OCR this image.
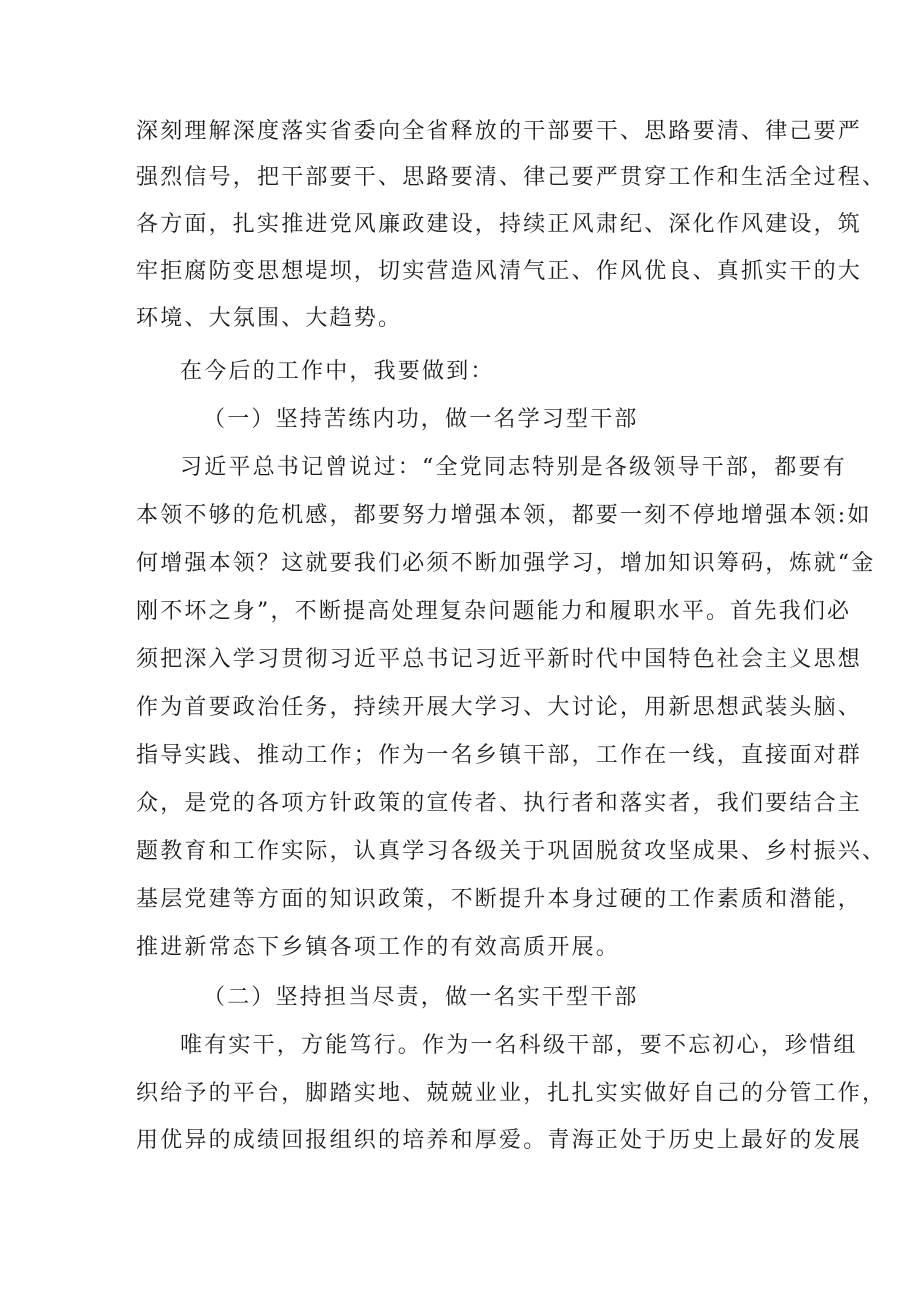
深刻理解深度落实省委向全省释放的干部要干、思路要清、律己要严
强烈信号，把干部要干、思路要清、律己要严贯穿工作和生活全过程、
各方面，扎实推进党风廉政建设，持续正风肃纪、深化作风建设，筑
牢拒腐防变思想堤坝，切实营造风清气正、作风优良、真抓实干的大
环境、大氛围、大趋势。
在今后的工作中，我要做到：
（一）坚持苦练内功，做一名学习型干部
习近平总书记曾说过：“全党同志特别是各级领导干部，都要有
本领不够的危机感，都要努力增强本领，都要一刻不停地增强本领:如
何增强本领？这就要我们必须不断加强学习，增加知识筹码，炼就“金
刚不坏之身”，不断提高处理复杂问题能力和履职水平。首先我们必
须把深入学习贯彻习近平总书记习近平新时代中国特色社会主义思想
作为首要政治任务，持续开展大学习、大讨论，用新思想武装头脑、
指导实践、推动工作；作为一名乡镇干部，工作在一线，直接面对群
众，是党的各项方针政策的宣传者、执行者和落实者，我们要结合主
题教育和工作实际，认真学习各级关于巩固脱贫攻坚成果、乡村振兴、
基层党建等方面的知识政策，不断提升本身过硬的工作素质和潜能，
推进新常态下乡镇各项工作的有效高质开展。
（二）坚持担当尽责，做一名实干型干部
唯有实干，方能笃行。作为一名科级干部，要不忘初心，珍惜组
织给予的平台，脚踏实地、兢兢业业，扎扎实实做好自己的分管工作，
用优异的成绩回报组织的培养和厚爱。青海正处于历史上最好的发展
